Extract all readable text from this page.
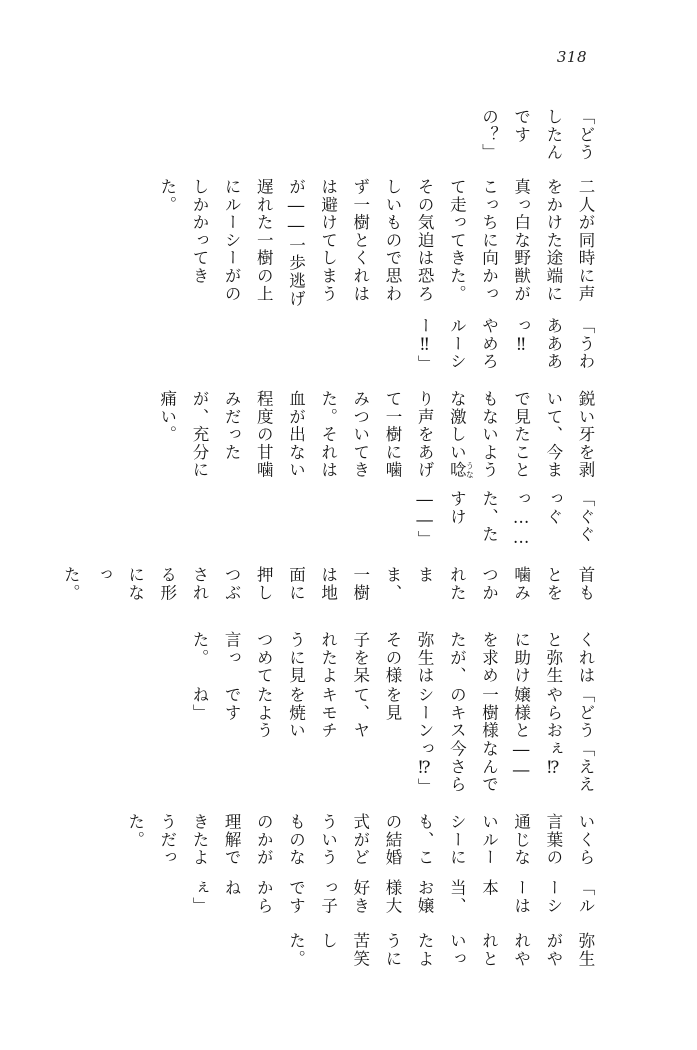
318

「どうしたんですの？」

二人が同時に声をかけた途端に真っ白な野獣がこっちに向かって走ってきた。その気迫は恐ろしいもので思わず一樹とくれはは避けてしまうが――一歩逃げ遅れた一樹の上にルーシーがのしかかってきた。

「うわあああっ‼　やめろルーシー‼」

鋭い牙を剥いて、今まで見たこともないような激しい唸 うなり声をあげて一樹に噛みついてきた。それは血が出ない程度の甘噛みだったが、充分に痛い。

「ぐぐっぐっ……た、たすけ――」

首もとを噛みつかれたまま、一樹は地面に押しつぶされる形になった。

くれはと弥生に助けを求めたが、弥生はその様子を呆れたように見つめて言った。

「どうやらお嬢様と一樹様のキスシーンを見て、ヤキモチを焼いたようですね」

「ええぇ⁉――なんで今さらっ⁉」

いくら言葉の通じないルーシーにも、この結婚式がどういうものなのかが理解できたようだった。

「ルーシーは本当、お嬢様大好きっ子ですからねぇ」

弥生がやれやれといったように苦笑した。
